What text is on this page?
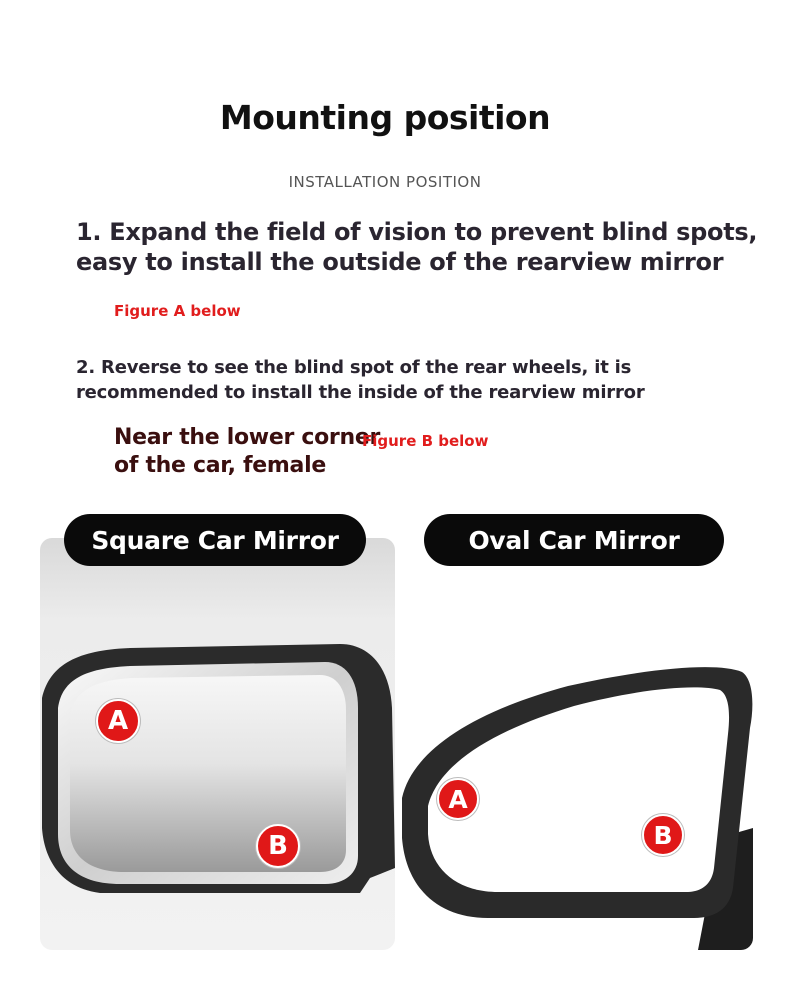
Mounting position
INSTALLATION POSITION
1. Expand the field of vision to prevent blind spots,
easy to install the outside of the rearview mirror
Figure A below
2. Reverse to see the blind spot of the rear wheels, it is
recommended to install the inside of the rearview mirror
Near the lower corner
of the car, female
Figure B below
A
B
A
B
Square Car Mirror	Oval Car Mirror
